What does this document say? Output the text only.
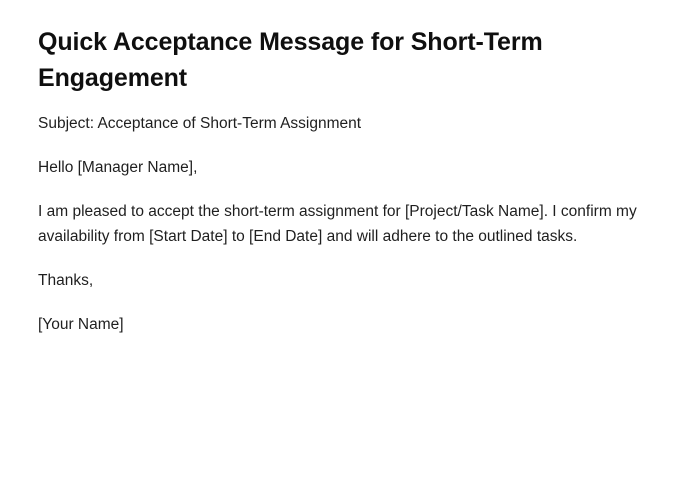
Quick Acceptance Message for Short-Term Engagement

Subject: Acceptance of Short-Term Assignment

Hello [Manager Name],

I am pleased to accept the short-term assignment for [Project/Task Name]. I confirm my availability from [Start Date] to [End Date] and will adhere to the outlined tasks.

Thanks,

[Your Name]
